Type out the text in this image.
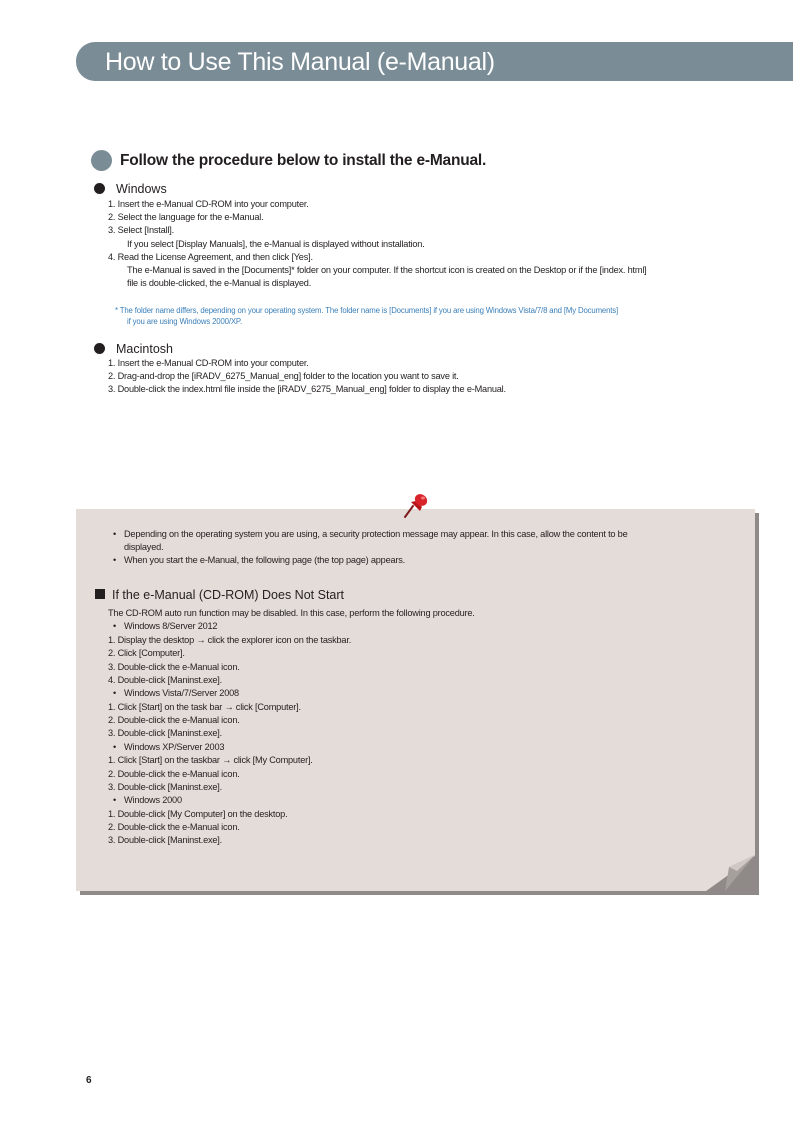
How to Use This Manual (e-Manual)
Follow the procedure below to install the e-Manual.
Windows
1. Insert the e-Manual CD-ROM into your computer.
2. Select the language for the e-Manual.
3. Select [Install].
If you select [Display Manuals], the e-Manual is displayed without installation.
4. Read the License Agreement, and then click [Yes].
The e-Manual is saved in the [Documents]* folder on your computer. If the shortcut icon is created on the Desktop or if the [index. html]
file is double-clicked, the e-Manual is displayed.
* The folder name differs, depending on your operating system. The folder name is [Documents] if you are using Windows Vista/7/8 and [My Documents]
if you are using Windows 2000/XP.
Macintosh
1. Insert the e-Manual CD-ROM into your computer.
2. Drag-and-drop the [iRADV_6275_Manual_eng] folder to the location you want to save it.
3. Double-click the index.html file inside the [iRADV_6275_Manual_eng] folder to display the e-Manual.
• Depending on the operating system you are using, a security protection message may appear. In this case, allow the content to be
displayed.
• When you start the e-Manual, the following page (the top page) appears.
If the e-Manual (CD-ROM) Does Not Start
The CD-ROM auto run function may be disabled. In this case, perform the following procedure.
• Windows 8/Server 2012
1. Display the desktop → click the explorer icon on the taskbar.
2. Click [Computer].
3. Double-click the e-Manual icon.
4. Double-click [Maninst.exe].
• Windows Vista/7/Server 2008
1. Click [Start] on the task bar → click [Computer].
2. Double-click the e-Manual icon.
3. Double-click [Maninst.exe].
• Windows XP/Server 2003
1. Click [Start] on the taskbar → click [My Computer].
2. Double-click the e-Manual icon.
3. Double-click [Maninst.exe].
• Windows 2000
1. Double-click [My Computer] on the desktop.
2. Double-click the e-Manual icon.
3. Double-click [Maninst.exe].
6
